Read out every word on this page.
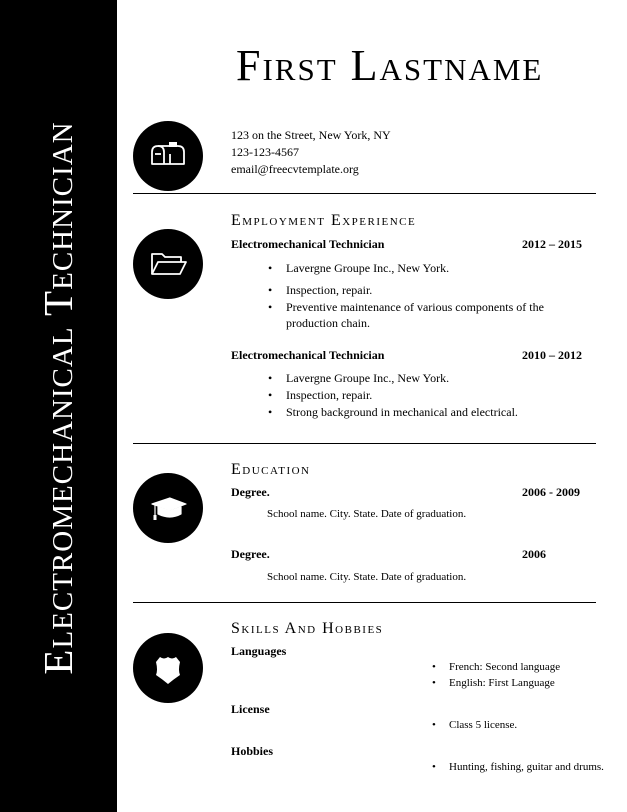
Electromechanical Technician
First Lastname
123 on the Street, New York, NY
123-123-4567
email@freecvtemplate.org
Employment Experience
Electromechanical Technician	2012 – 2015
• Lavergne Groupe Inc., New York.
• Inspection, repair.
• Preventive maintenance of various components of the production chain.
Electromechanical Technician	2010 – 2012
• Lavergne Groupe Inc., New York.
• Inspection, repair.
• Strong background in mechanical and electrical.
Education
Degree.	2006 - 2009
School name. City. State. Date of graduation.
Degree.	2006
School name. City. State. Date of graduation.
Skills And Hobbies
Languages
• French: Second language
• English: First Language
License
• Class 5 license.
Hobbies
• Hunting, fishing, guitar and drums.
